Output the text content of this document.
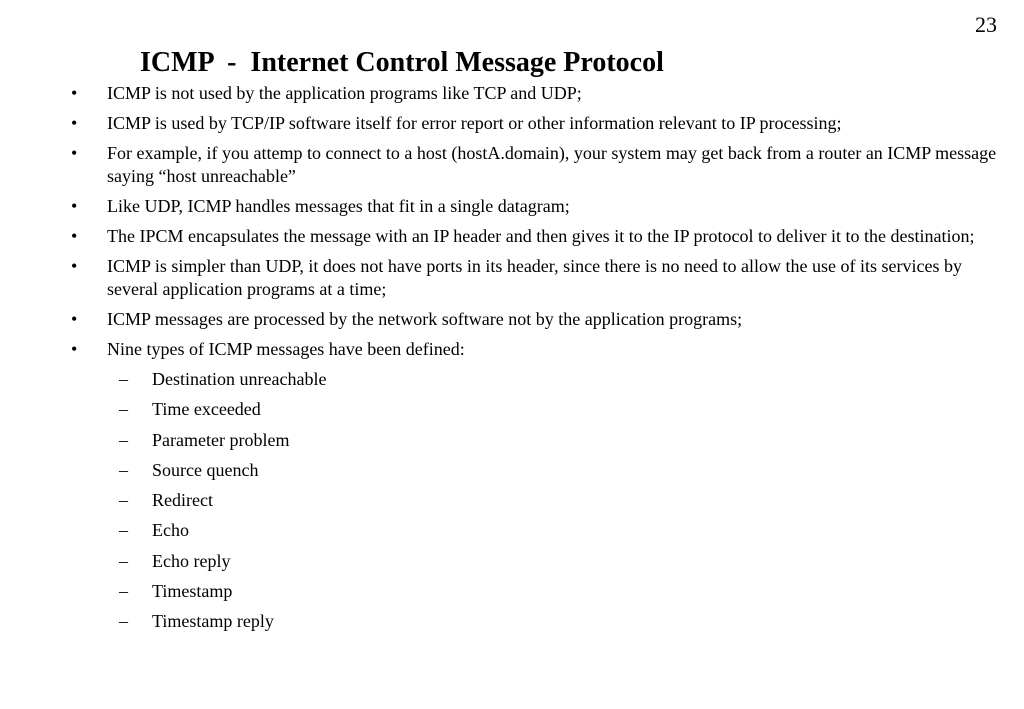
23
ICMP  -  Internet Control Message Protocol
• ICMP is not used by the application programs like TCP and UDP;
• ICMP is used by TCP/IP software itself for error report or other information relevant to IP processing;
• For example, if you attemp to connect to a host (hostA.domain), your system may get back from a router an ICMP message saying “host unreachable”
• Like UDP, ICMP handles messages that fit in a single datagram;
• The IPCM encapsulates the message with an IP header and then gives it to the IP protocol to deliver it to the destination;
• ICMP is simpler than UDP, it does not have ports in its header, since there is no need to allow the use of its services by several application programs at a time;
• ICMP messages are processed by the network software not by the application programs;
• Nine types of ICMP messages have been defined:
– Destination unreachable
– Time exceeded
– Parameter problem
– Source quench
– Redirect
– Echo
– Echo reply
– Timestamp
– Timestamp reply
